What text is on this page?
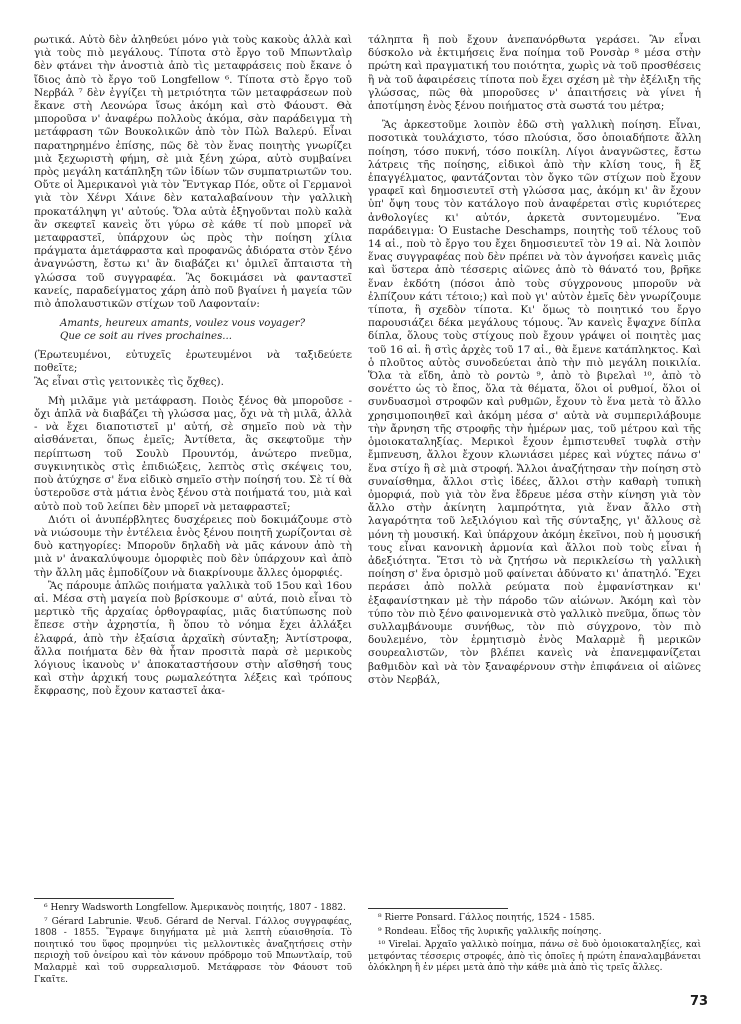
ρωτικά. Αὐτὸ δὲν ἀληθεύει μόνο γιὰ τοὺς κακοὺς ἀλλὰ καὶ γιὰ τοὺς πιὸ μεγάλους. Τίποτα στὸ ἔργο τοῦ Μπωντλαὶρ δὲν φτάνει τὴν ἀνοστιὰ ἀπὸ τὶς μεταφράσεις ποὺ ἔκανε ὁ ἴδιος ἀπὸ τὸ ἔργο τοῦ Longfellow ⁶. Τίποτα στὸ ἔργο τοῦ Νερβάλ ⁷ δὲν ἐγγίζει τὴ μετριότητα τῶν μεταφράσεων ποὺ ἔκανε στὴ Λεονώρα ἴσως ἀκόμη καὶ στὸ Φάουστ. Θὰ μποροῦσα ν' ἀναφέρω πολλοὺς ἀκόμα, σὰν παράδειγμα τὴ μετάφραση τῶν Βουκολικῶν ἀπὸ τὸν Πὼλ Βαλερύ. Εἶναι παρατηρημένο ἐπίσης, πῶς δὲ τὸν ἕνας ποιητὴς γνωρίζει μιὰ ξεχωριστὴ φήμη, σὲ μιὰ ξένη χώρα, αὐτὸ συμβαίνει πρὸς μεγάλη κατάπληξη τῶν ἰδίων τῶν συμπατριωτῶν του. Οὔτε οἱ Ἀμερικανοὶ γιὰ τὸν Ἔντγκαρ Πόε, οὔτε οἱ Γερμανοὶ γιὰ τὸν Χένρι Χάινε δὲν καταλαβαίνουν τὴν γαλλικὴ προκατάληψη γι' αὐτούς. Ὅλα αὐτὰ ἐξηγοῦνται πολὺ καλὰ ἂν σκεφτεῖ κανεὶς ὅτι γύρω σὲ κάθε τί ποὺ μπορεῖ νὰ μεταφραστεῖ, ὑπάρχουν ὡς πρὸς τὴν ποίηση χίλια πράγματα ἀμετάφραστα καὶ προφανῶς ἀδιόρατα στὸν ξένο ἀναγνώστη, ἔστω κι' ἂν διαβάζει κι' ὁμιλεῖ ἄπταιστα τὴ γλώσσα τοῦ συγγραφέα. Ἂς δοκιμάσει νὰ φανταστεῖ κανείς, παραδείγματος χάρη ἀπὸ ποῦ βγαίνει ἡ μαγεία τῶν πιὸ ἀπολαυστικῶν στίχων τοῦ Λαφονταίν:

Amants, heureux amants, voulez vous voyager?
Que ce soit au rives prochaines...

(Ἐρωτευμένοι, εὐτυχεῖς ἐρωτευμένοι νὰ ταξιδεύετε ποθεῖτε;

Ἂς εἶναι στὶς γειτονικὲς τὶς ὄχθες).

Μὴ μιλᾶμε γιὰ μετάφραση. Ποιὸς ξένος θὰ μποροῦσε - ὄχι ἁπλᾶ νὰ διαβάζει τὴ γλώσσα μας, ὄχι νὰ τὴ μιλᾶ, ἀλλὰ - νὰ ἔχει διαποτιστεῖ μ' αὐτή, σὲ σημεῖο ποὺ νὰ τὴν αἰσθάνεται, ὅπως ἐμεῖς; Ἀντίθετα, ἂς σκεφτοῦμε τὴν περίπτωση τοῦ Σουλὺ Προυντόμ, ἀνώτερο πνεῦμα, συγκινητικὸς στὶς ἐπιδιώξεις, λεπτὸς στὶς σκέψεις του, ποὺ ἀτύχησε σ' ἕνα εἰδικὸ σημεῖο στὴν ποίησή του. Σὲ τί θὰ ὑστεροῦσε στὰ μάτια ἑνὸς ξένου στὰ ποιήματά του, μιὰ καὶ αὐτὸ ποὺ τοῦ λείπει δὲν μπορεῖ νὰ μεταφραστεῖ;

Διότι οἱ ἀνυπέρβλητες δυσχέρειες ποὺ δοκιμάζουμε στὸ νὰ νιώσουμε τὴν ἐντέλεια ἑνὸς ξένου ποιητῆ χωρίζονται σὲ δυὸ κατηγορίες: Μποροῦν δηλαδὴ νὰ μᾶς κάνουν ἀπὸ τὴ μιὰ ν' ἀνακαλύψουμε ὁμορφιὲς ποὺ δὲν ὑπάρχουν καὶ ἀπὸ τὴν ἄλλη μᾶς ἐμποδίζουν νὰ διακρίνουμε ἄλλες ὁμορφιές.

Ἂς πάρουμε ἁπλῶς ποιήματα γαλλικὰ τοῦ 15ου καὶ 16ου αἰ. Μέσα στὴ μαγεία ποὺ βρίσκουμε σ' αὐτά, ποιὸ εἶναι τὸ μερτικὸ τῆς ἀρχαίας ὀρθογραφίας, μιᾶς διατύπωσης ποὺ ἔπεσε στὴν ἀχρηστία, ἢ ὅπου τὸ νόημα ἔχει ἀλλάξει ἐλαφρά, ἀπὸ τὴν ἐξαίσια ἀρχαϊκὴ σύνταξη; Ἀντίστροφα, ἄλλα ποιήματα δὲν θὰ ἦταν προσιτὰ παρὰ σὲ μερικοὺς λόγιους ἱκανοὺς ν' ἀποκαταστήσουν στὴν αἴσθησή τους καὶ στὴν ἀρχική τους ρωμαλεότητα λέξεις καὶ τρόπους ἔκφρασης, ποὺ ἔχουν καταστεῖ ἀκα-

τάληπτα ἢ ποὺ ἔχουν ἀνεπανόρθωτα γεράσει. Ἂν εἶναι δύσκολο νὰ ἐκτιμήσεις ἕνα ποίημα τοῦ Ρονσὰρ ⁸ μέσα στὴν πρώτη καὶ πραγματική του ποιότητα, χωρὶς νὰ τοῦ προσθέσεις ἢ νὰ τοῦ ἀφαιρέσεις τίποτα ποὺ ἔχει σχέση μὲ τὴν ἐξέλιξη τῆς γλώσσας, πῶς θὰ μποροῦσες ν' ἀπαιτήσεις νὰ γίνει ἡ ἀποτίμηση ἑνὸς ξένου ποιήματος στὰ σωστά του μέτρα;

Ἂς ἀρκεστοῦμε λοιπὸν ἐδῶ στὴ γαλλικὴ ποίηση. Εἶναι, ποσοτικὰ τουλάχιστο, τόσο πλούσια, ὅσο ὁποιαδήποτε ἄλλη ποίηση, τόσο πυκνή, τόσο ποικίλη. Λίγοι ἀναγνῶστες, ἔστω λάτρεις τῆς ποίησης, εἰδικοὶ ἀπὸ τὴν κλίση τους, ἢ ἔξ ἐπαγγέλματος, φαντάζονται τὸν ὄγκο τῶν στίχων ποὺ ἔχουν γραφεῖ καὶ δημοσιευτεῖ στὴ γλώσσα μας, ἀκόμη κι' ἂν ἔχουν ὑπ' ὄψη τους τὸν κατάλογο ποὺ ἀναφέρεται στὶς κυριότερες ἀνθολογίες κι' αὐτόν, ἀρκετὰ συντομευμένο. Ἕνα παράδειγμα: Ὁ Eustache Deschamps, ποιητὴς τοῦ τέλους τοῦ 14 αἰ., ποὺ τὸ ἔργο του ἔχει δημοσιευτεῖ τὸν 19 αἰ. Νὰ λοιπὸν ἕνας συγγραφέας ποὺ δὲν πρέπει νὰ τὸν ἀγνοήσει κανεὶς μιᾶς καὶ ὕστερα ἀπὸ τέσσερις αἰῶνες ἀπὸ τὸ θάνατό του, βρῆκε ἕναν ἐκδότη (πόσοι ἀπὸ τοὺς σύγχρονους μποροῦν νὰ ἐλπίζουν κάτι τέτοιο;) καὶ ποὺ γι' αὐτὸν ἐμεῖς δὲν γνωρίζουμε τίποτα, ἢ σχεδὸν τίποτα. Κι' ὅμως τὸ ποιητικό του ἔργο παρουσιάζει δέκα μεγάλους τόμους. Ἂν κανεὶς ἔψαχνε δίπλα δίπλα, ὅλους τοὺς στίχους ποὺ ἔχουν γράψει οἱ ποιητὲς μας τοῦ 16 αἰ. ἢ στὶς ἀρχὲς τοῦ 17 αἰ., θὰ ἔμενε κατάπληκτος. Καὶ ὁ πλοῦτος αὐτὸς συνοδεύεται ἀπὸ τὴν πιὸ μεγάλη ποικιλία. Ὅλα τὰ εἴδη, ἀπὸ τὸ ροντὼ ⁹, ἀπὸ τὸ βιρελαὶ ¹⁰, ἀπὸ τὸ σονέττο ὡς τὸ ἔπος, ὅλα τὰ θέματα, ὅλοι οἱ ρυθμοί, ὅλοι οἱ συνδυασμοὶ στροφῶν καὶ ρυθμῶν, ἔχουν τὸ ἕνα μετὰ τὸ ἄλλο χρησιμοποιηθεῖ καὶ ἀκόμη μέσα σ' αὐτὰ νὰ συμπεριλάβουμε τὴν ἄρνηση τῆς στροφῆς τὴν ἡμέρων μας, τοῦ μέτρου καὶ τῆς ὁμοιοκαταληξίας. Μερικοὶ ἔχουν ἐμπιστευθεῖ τυφλὰ στὴν ἔμπνευση, ἄλλοι ἔχουν κλωνιάσει μέρες καὶ νύχτες πάνω σ' ἕνα στίχο ἢ σὲ μιὰ στροφή. Ἄλλοι ἀναζήτησαν τὴν ποίηση στὸ συναίσθημα, ἄλλοι στὶς ἰδέες, ἄλλοι στὴν καθαρὴ τυπικὴ ὀμορφιά, ποὺ γιὰ τὸν ἕνα ἔδρευε μέσα στὴν κίνηση γιὰ τὸν ἄλλο στὴν ἀκίνητη λαμπρότητα, γιὰ ἕναν ἄλλο στὴ λαγαρότητα τοῦ λεξιλόγιου καὶ τῆς σύνταξης, γι' ἄλλους σὲ μόνη τὴ μουσική. Καὶ ὑπάρχουν ἀκόμη ἐκεῖνοι, ποὺ ἡ μουσική τους εἶναι κανονικὴ ἁρμονία καὶ ἄλλοι ποὺ τοὺς εἶναι ἡ ἀδεξιότητα. Ἔτσι τὸ νὰ ζητήσω νὰ περικλείσω τὴ γαλλικὴ ποίηση σ' ἕνα ὁρισμὸ μοῦ φαίνεται ἀδύνατο κι' ἀπατηλό. Ἔχει περάσει ἀπὸ πολλὰ ρεύματα ποὺ ἐμφανίστηκαν κι' ἐξαφανίστηκαν μὲ τὴν πάροδο τῶν αἰώνων. Ἀκόμη καὶ τὸν τύπο τὸν πιὸ ξένο φαινομενικὰ στὸ γαλλικὸ πνεῦμα, ὅπως τὸν συλλαμβάνουμε συνήθως, τὸν πιὸ σύγχρονο, τὸν πιὸ δουλεμένο, τὸν ἑρμητισμὸ ἑνὸς Μαλαρμὲ ἢ μερικῶν σουρεαλιστῶν, τὸν βλέπει κανεὶς νὰ ἐπανεμφανίζεται βαθμιδὸν καὶ νὰ τὸν ξαναφέρνουν στὴν ἐπιφάνεια οἱ αἰῶνες στὸν Νερβάλ,

⁶ Henry Wadsworth Longfellow. Ἀμερικανὸς ποιητής, 1807 - 1882.

⁷ Gérard Labrunie. Ψευδ. Gérard de Nerval. Γάλλος συγγραφέας, 1808 - 1855. Ἔγραψε διηγήματα μὲ μιὰ λεπτὴ εὐαισθησία. Τὸ ποιητικό του ὕφος προμηνύει τὶς μελλοντικὲς ἀναζητήσεις στὴν περιοχὴ τοῦ ὀνείρου καὶ τὸν κάνουν πρόδρομο τοῦ Μπωντλαίρ, τοῦ Μαλαρμὲ καὶ τοῦ συρρεαλισμοῦ. Μετάφρασε τὸν Φάουστ τοῦ Γκαῖτε.

⁸ Rierre Ponsard. Γάλλος ποιητής, 1524 - 1585.

⁹ Rondeau. Εἶδος τῆς λυρικῆς γαλλικῆς ποίησης.

¹⁰ Virelai. Ἀρχαῖο γαλλικὸ ποίημα, πάνω σὲ δυὸ ὁμοιοκαταληξίες, καὶ μετφόντας τέσσερις στροφές, ἀπὸ τὶς ὁποῖες ἡ πρώτη ἐπαναλαμβάνεται ὁλόκληρη ἢ ἐν μέρει μετὰ ἀπὸ τὴν κάθε μιὰ ἀπὸ τὶς τρεῖς ἄλλες.

73
